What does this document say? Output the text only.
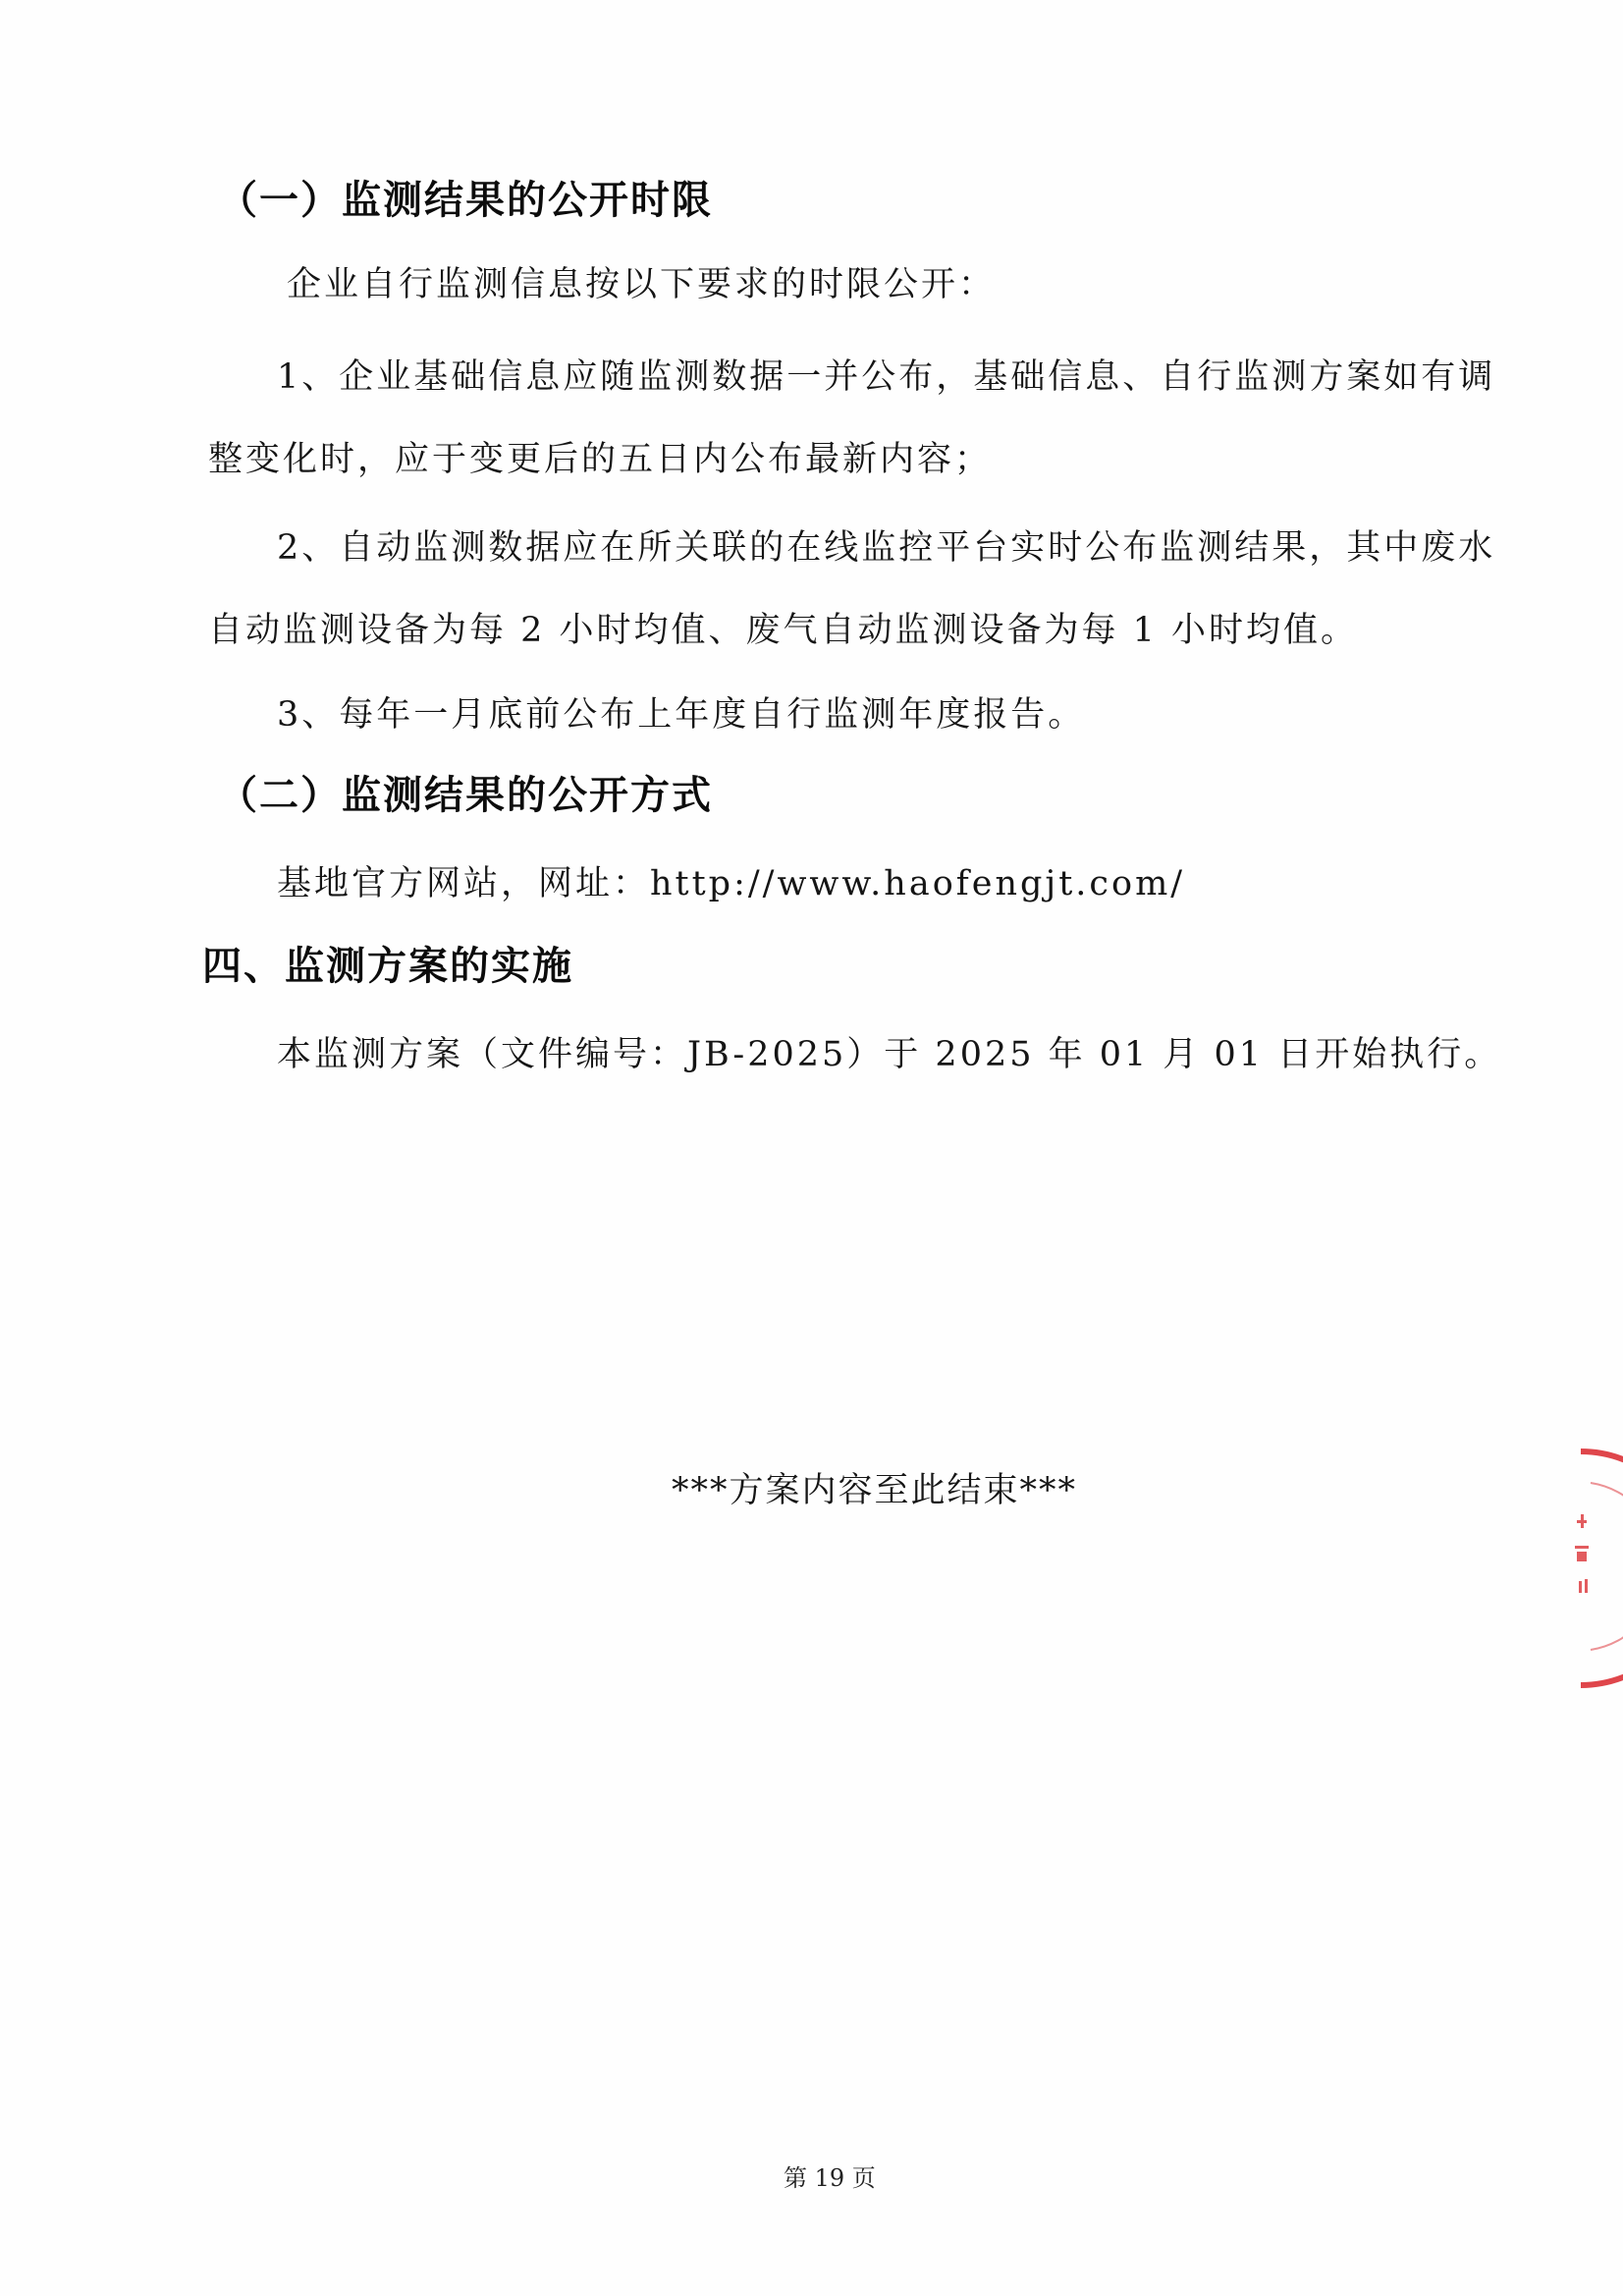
（一）监测结果的公开时限
企业自行监测信息按以下要求的时限公开：
1、企业基础信息应随监测数据一并公布，基础信息、自行监测方案如有调
整变化时，应于变更后的五日内公布最新内容；
2、自动监测数据应在所关联的在线监控平台实时公布监测结果，其中废水
自动监测设备为每 2 小时均值、废气自动监测设备为每 1 小时均值。
3、每年一月底前公布上年度自行监测年度报告。
（二）监测结果的公开方式
基地官方网站，网址：http://www.haofengjt.com/
四、监测方案的实施
本监测方案（文件编号：JB-2025）于 2025 年 01 月 01 日开始执行。
***方案内容至此结束***
第 19 页
